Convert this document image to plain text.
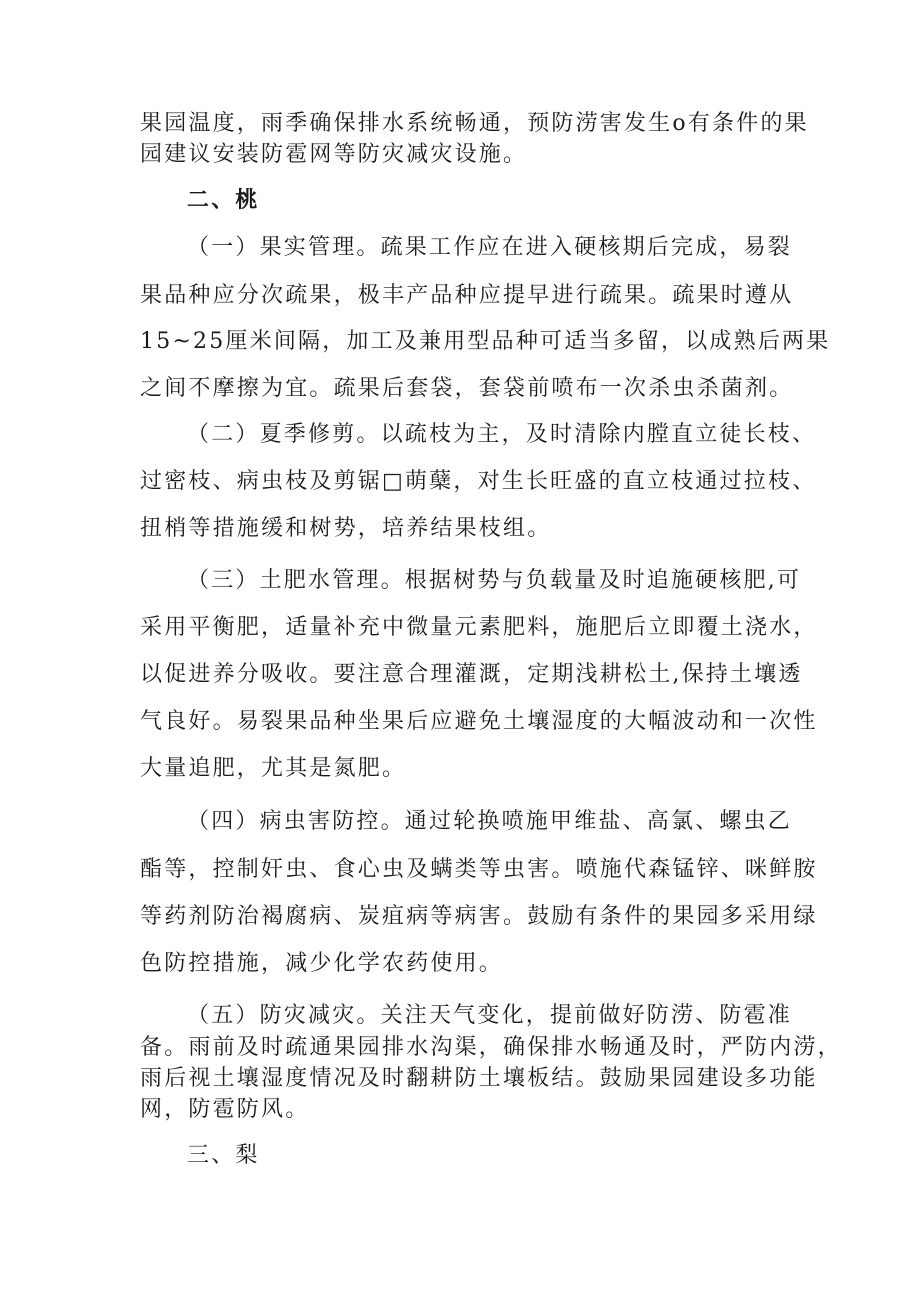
果园温度，雨季确保排水系统畅通，预防涝害发生o有条件的果
园建议安装防雹网等防灾减灾设施。
二、桃
（一）果实管理。疏果工作应在进入硬核期后完成，易裂
果品种应分次疏果，极丰产品种应提早进行疏果。疏果时遵从
15~25厘米间隔，加工及兼用型品种可适当多留，以成熟后两果
之间不摩擦为宜。疏果后套袋，套袋前喷布一次杀虫杀菌剂。
（二）夏季修剪。以疏枝为主，及时清除内膛直立徒长枝、
过密枝、病虫枝及剪锯□萌蘖，对生长旺盛的直立枝通过拉枝、
扭梢等措施缓和树势，培养结果枝组。
（三）土肥水管理。根据树势与负载量及时追施硬核肥,可
采用平衡肥，适量补充中微量元素肥料，施肥后立即覆土浇水，
以促进养分吸收。要注意合理灌溉，定期浅耕松土,保持土壤透
气良好。易裂果品种坐果后应避免土壤湿度的大幅波动和一次性
大量追肥，尤其是氮肥。
（四）病虫害防控。通过轮换喷施甲维盐、高氯、螺虫乙
酯等，控制奸虫、食心虫及螨类等虫害。喷施代森锰锌、咪鲜胺
等药剂防治褐腐病、炭疽病等病害。鼓励有条件的果园多采用绿
色防控措施，减少化学农药使用。
（五）防灾减灾。关注天气变化，提前做好防涝、防雹准
备。雨前及时疏通果园排水沟渠，确保排水畅通及时，严防内涝，
雨后视土壤湿度情况及时翻耕防土壤板结。鼓励果园建设多功能
网，防雹防风。
三、梨
